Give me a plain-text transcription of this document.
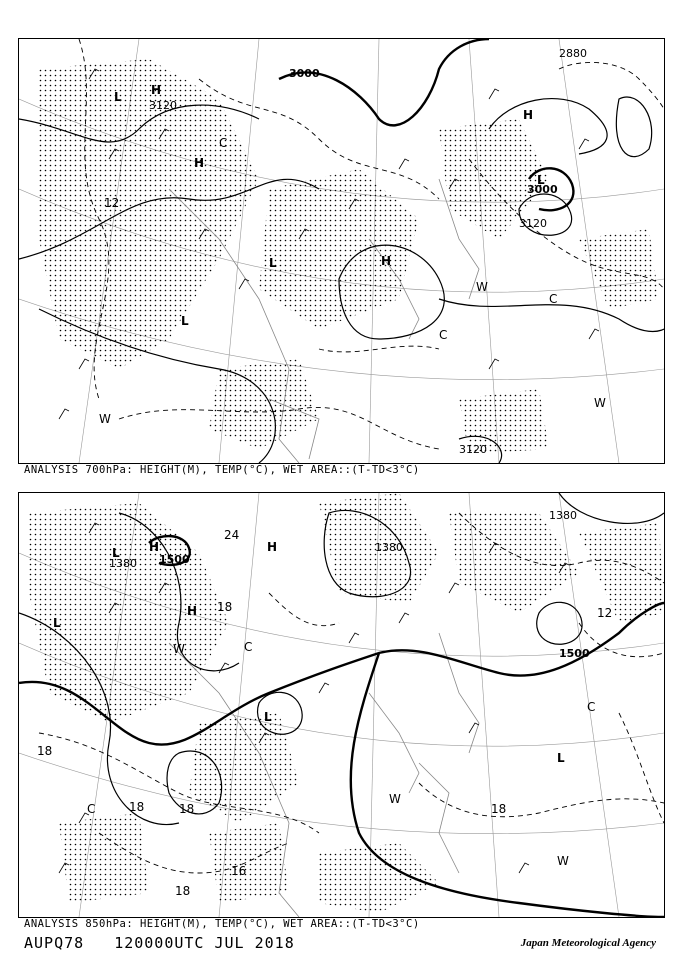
3000
3120
3000
3120
3120
2880
H
L
H
L
H
L	H
L
C
C
W
W
W
C
12
ANALYSIS 700hPa: HEIGHT(M), TEMP(°C), WET AREA::(T-TD<3°C)
1500
1380
1380
1380
1500
H
L
H
L
L
H
L
C
C
W
W
W
C
24
18
18
12
18
18	18
16
18
ANALYSIS 850hPa: HEIGHT(M), TEMP(°C), WET AREA::(T-TD<3°C)
AUPQ78 120000UTC JUL 2018	Japan Meteorological Agency
